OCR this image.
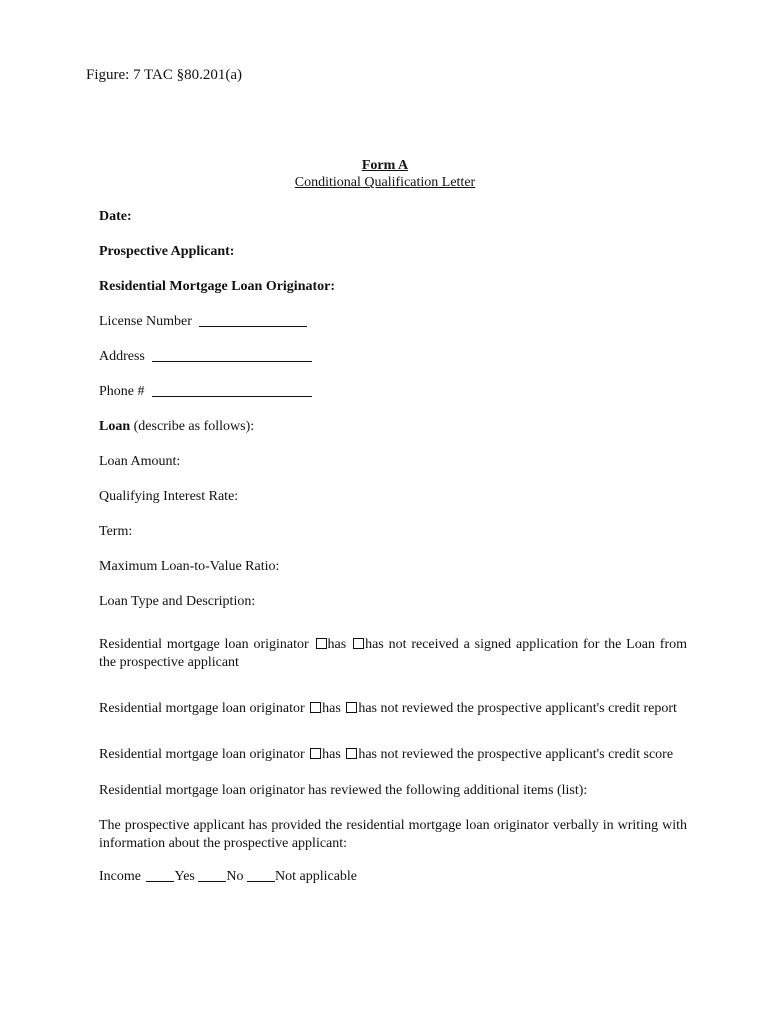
Figure: 7 TAC §80.201(a)
Form A
Conditional Qualification Letter
Date:
Prospective Applicant:
Residential Mortgage Loan Originator:
License Number
Address
Phone #
Loan (describe as follows):
Loan Amount:
Qualifying Interest Rate:
Term:
Maximum Loan-to-Value Ratio:
Loan Type and Description:
Residential mortgage loan originator has has not received a signed application for the Loan from the prospective applicant
Residential mortgage loan originator has has not reviewed the prospective applicant's credit report
Residential mortgage loan originator has has not reviewed the prospective applicant's credit score
Residential mortgage loan originator has reviewed the following additional items (list):
The prospective applicant has provided the residential mortgage loan originator verbally in writing with information about the prospective applicant:
Income Yes No Not applicable
